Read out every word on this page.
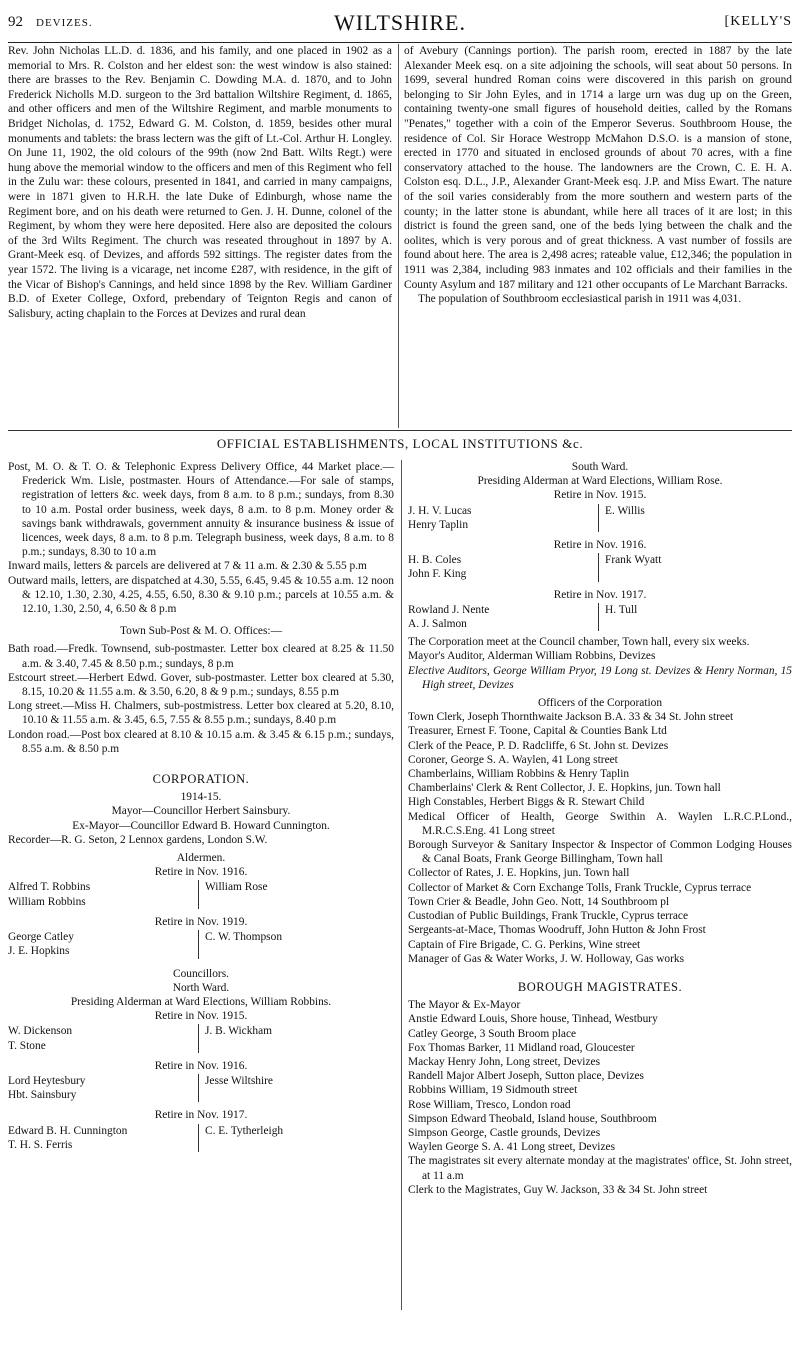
WILTSHIRE.
92 DEVIZES.	[KELLY'S

Rev. John Nicholas LL.D. d. 1836, and his family, and one placed in 1902 as a memorial to Mrs. R. Colston and her eldest son: the west window is also stained: there are brasses to the Rev. Benjamin C. Dowding M.A. d. 1870, and to John Frederick Nicholls M.D. surgeon to the 3rd battalion Wiltshire Regiment, d. 1865, and other officers and men of the Wiltshire Regiment, and marble monuments to Bridget Nicholas, d. 1752, Edward G. M. Colston, d. 1859, besides other mural monuments and tablets: the brass lectern was the gift of Lt.-Col. Arthur H. Longley. On June 11, 1902, the old colours of the 99th (now 2nd Batt. Wilts Regt.) were hung above the memorial window to the officers and men of this Regiment who fell in the Zulu war: these colours, presented in 1841, and carried in many campaigns, were in 1871 given to H.R.H. the late Duke of Edinburgh, whose name the Regiment bore, and on his death were returned to Gen. J. H. Dunne, colonel of the Regiment, by whom they were here deposited. Here also are deposited the colours of the 3rd Wilts Regiment. The church was reseated throughout in 1897 by A. Grant-Meek esq. of Devizes, and affords 592 sittings. The register dates from the year 1572. The living is a vicarage, net income £287, with residence, in the gift of the Vicar of Bishop's Cannings, and held since 1898 by the Rev. William Gardiner B.D. of Exeter College, Oxford, prebendary of Teignton Regis and canon of Salisbury, acting chaplain to the Forces at Devizes and rural dean

of Avebury (Cannings portion). The parish room, erected in 1887 by the late Alexander Meek esq. on a site adjoining the schools, will seat about 50 persons. In 1699, several hundred Roman coins were discovered in this parish on ground belonging to Sir John Eyles, and in 1714 a large urn was dug up on the Green, containing twenty-one small figures of household deities, called by the Romans "Penates," together with a coin of the Emperor Severus. Southbroom House, the residence of Col. Sir Horace Westropp McMahon D.S.O. is a mansion of stone, erected in 1770 and situated in enclosed grounds of about 70 acres, with a fine conservatory attached to the house. The landowners are the Crown, C. E. H. A. Colston esq. D.L., J.P., Alexander Grant-Meek esq. J.P. and Miss Ewart. The nature of the soil varies considerably from the more southern and western parts of the county; in the latter stone is abundant, while here all traces of it are lost; in this district is found the green sand, one of the beds lying between the chalk and the oolites, which is very porous and of great thickness. A vast number of fossils are found about here. The area is 2,498 acres; rateable value, £12,346; the population in 1911 was 2,384, including 983 inmates and 102 officials and their families in the County Asylum and 187 military and 121 other occupants of Le Marchant Barracks.

The population of Southbroom ecclesiastical parish in 1911 was 4,031.

OFFICIAL ESTABLISHMENTS, LOCAL INSTITUTIONS &c.

Post, M. O. & T. O. & Telephonic Express Delivery Office, 44 Market place.—Frederick Wm. Lisle, postmaster. Hours of Attendance.—For sale of stamps, registration of letters &c. week days, from 8 a.m. to 8 p.m.; sundays, from 8.30 to 10 a.m. Postal order business, week days, 8 a.m. to 8 p.m. Money order & savings bank withdrawals, government annuity & insurance business & issue of licences, week days, 8 a.m. to 8 p.m. Telegraph business, week days, 8 a.m. to 8 p.m.; sundays, 8.30 to 10 a.m

Inward mails, letters & parcels are delivered at 7 & 11 a.m. & 2.30 & 5.55 p.m

Outward mails, letters, are dispatched at 4.30, 5.55, 6.45, 9.45 & 10.55 a.m. 12 noon & 12.10, 1.30, 2.30, 4.25, 4.55, 6.50, 8.30 & 9.10 p.m.; parcels at 10.55 a.m. & 12.10, 1.30, 2.50, 4, 6.50 & 8 p.m

Town Sub-Post & M. O. Offices:—

Bath road.—Fredk. Townsend, sub-postmaster. Letter box cleared at 8.25 & 11.50 a.m. & 3.40, 7.45 & 8.50 p.m.; sundays, 8 p.m

Estcourt street.—Herbert Edwd. Gover, sub-postmaster. Letter box cleared at 5.30, 8.15, 10.20 & 11.55 a.m. & 3.50, 6.20, 8 & 9 p.m.; sundays, 8.55 p.m

Long street.—Miss H. Chalmers, sub-postmistress. Letter box cleared at 5.20, 8.10, 10.10 & 11.55 a.m. & 3.45, 6.5, 7.55 & 8.55 p.m.; sundays, 8.40 p.m

London road.—Post box cleared at 8.10 & 10.15 a.m. & 3.45 & 6.15 p.m.; sundays, 8.55 a.m. & 8.50 p.m

CORPORATION.

1914-15.

Mayor—Councillor Herbert Sainsbury.

Ex-Mayor—Councillor Edward B. Howard Cunnington.

Recorder—R. G. Seton, 2 Lennox gardens, London S.W.

Aldermen.

Retire in Nov. 1916.

Alfred T. Robbins

William Robbins

William Rose

Retire in Nov. 1919.

George Catley

J. E. Hopkins

C. W. Thompson

Councillors.

North Ward.

Presiding Alderman at Ward Elections, William Robbins.

Retire in Nov. 1915.

W. Dickenson

T. Stone

J. B. Wickham

Retire in Nov. 1916.

Lord Heytesbury

Hbt. Sainsbury

Jesse Wiltshire

Retire in Nov. 1917.

Edward B. H. Cunnington

T. H. S. Ferris

C. E. Tytherleigh

South Ward.

Presiding Alderman at Ward Elections, William Rose.

Retire in Nov. 1915.

J. H. V. Lucas

Henry Taplin

E. Willis

Retire in Nov. 1916.

H. B. Coles

John F. King

Frank Wyatt

Retire in Nov. 1917.

Rowland J. Nente

A. J. Salmon

H. Tull

The Corporation meet at the Council chamber, Town hall, every six weeks.

Mayor's Auditor, Alderman William Robbins, Devizes

Elective Auditors, George William Pryor, 19 Long st. Devizes & Henry Norman, 15 High street, Devizes

Officers of the Corporation

Town Clerk, Joseph Thornthwaite Jackson B.A. 33 & 34 St. John street

Treasurer, Ernest F. Toone, Capital & Counties Bank Ltd

Clerk of the Peace, P. D. Radcliffe, 6 St. John st. Devizes

Coroner, George S. A. Waylen, 41 Long street

Chamberlains, William Robbins & Henry Taplin

Chamberlains' Clerk & Rent Collector, J. E. Hopkins, jun. Town hall

High Constables, Herbert Biggs & R. Stewart Child

Medical Officer of Health, George Swithin A. Waylen L.R.C.P.Lond., M.R.C.S.Eng. 41 Long street

Borough Surveyor & Sanitary Inspector & Inspector of Common Lodging Houses & Canal Boats, Frank George Billingham, Town hall

Collector of Rates, J. E. Hopkins, jun. Town hall

Collector of Market & Corn Exchange Tolls, Frank Truckle, Cyprus terrace

Town Crier & Beadle, John Geo. Nott, 14 Southbroom pl

Custodian of Public Buildings, Frank Truckle, Cyprus terrace

Sergeants-at-Mace, Thomas Woodruff, John Hutton & John Frost

Captain of Fire Brigade, C. G. Perkins, Wine street

Manager of Gas & Water Works, J. W. Holloway, Gas works

BOROUGH MAGISTRATES.

The Mayor & Ex-Mayor

Anstie Edward Louis, Shore house, Tinhead, Westbury

Catley George, 3 South Broom place

Fox Thomas Barker, 11 Midland road, Gloucester

Mackay Henry John, Long street, Devizes

Randell Major Albert Joseph, Sutton place, Devizes

Robbins William, 19 Sidmouth street

Rose William, Tresco, London road

Simpson Edward Theobald, Island house, Southbroom

Simpson George, Castle grounds, Devizes

Waylen George S. A. 41 Long street, Devizes

The magistrates sit every alternate monday at the magistrates' office, St. John street, at 11 a.m

Clerk to the Magistrates, Guy W. Jackson, 33 & 34 St. John street
